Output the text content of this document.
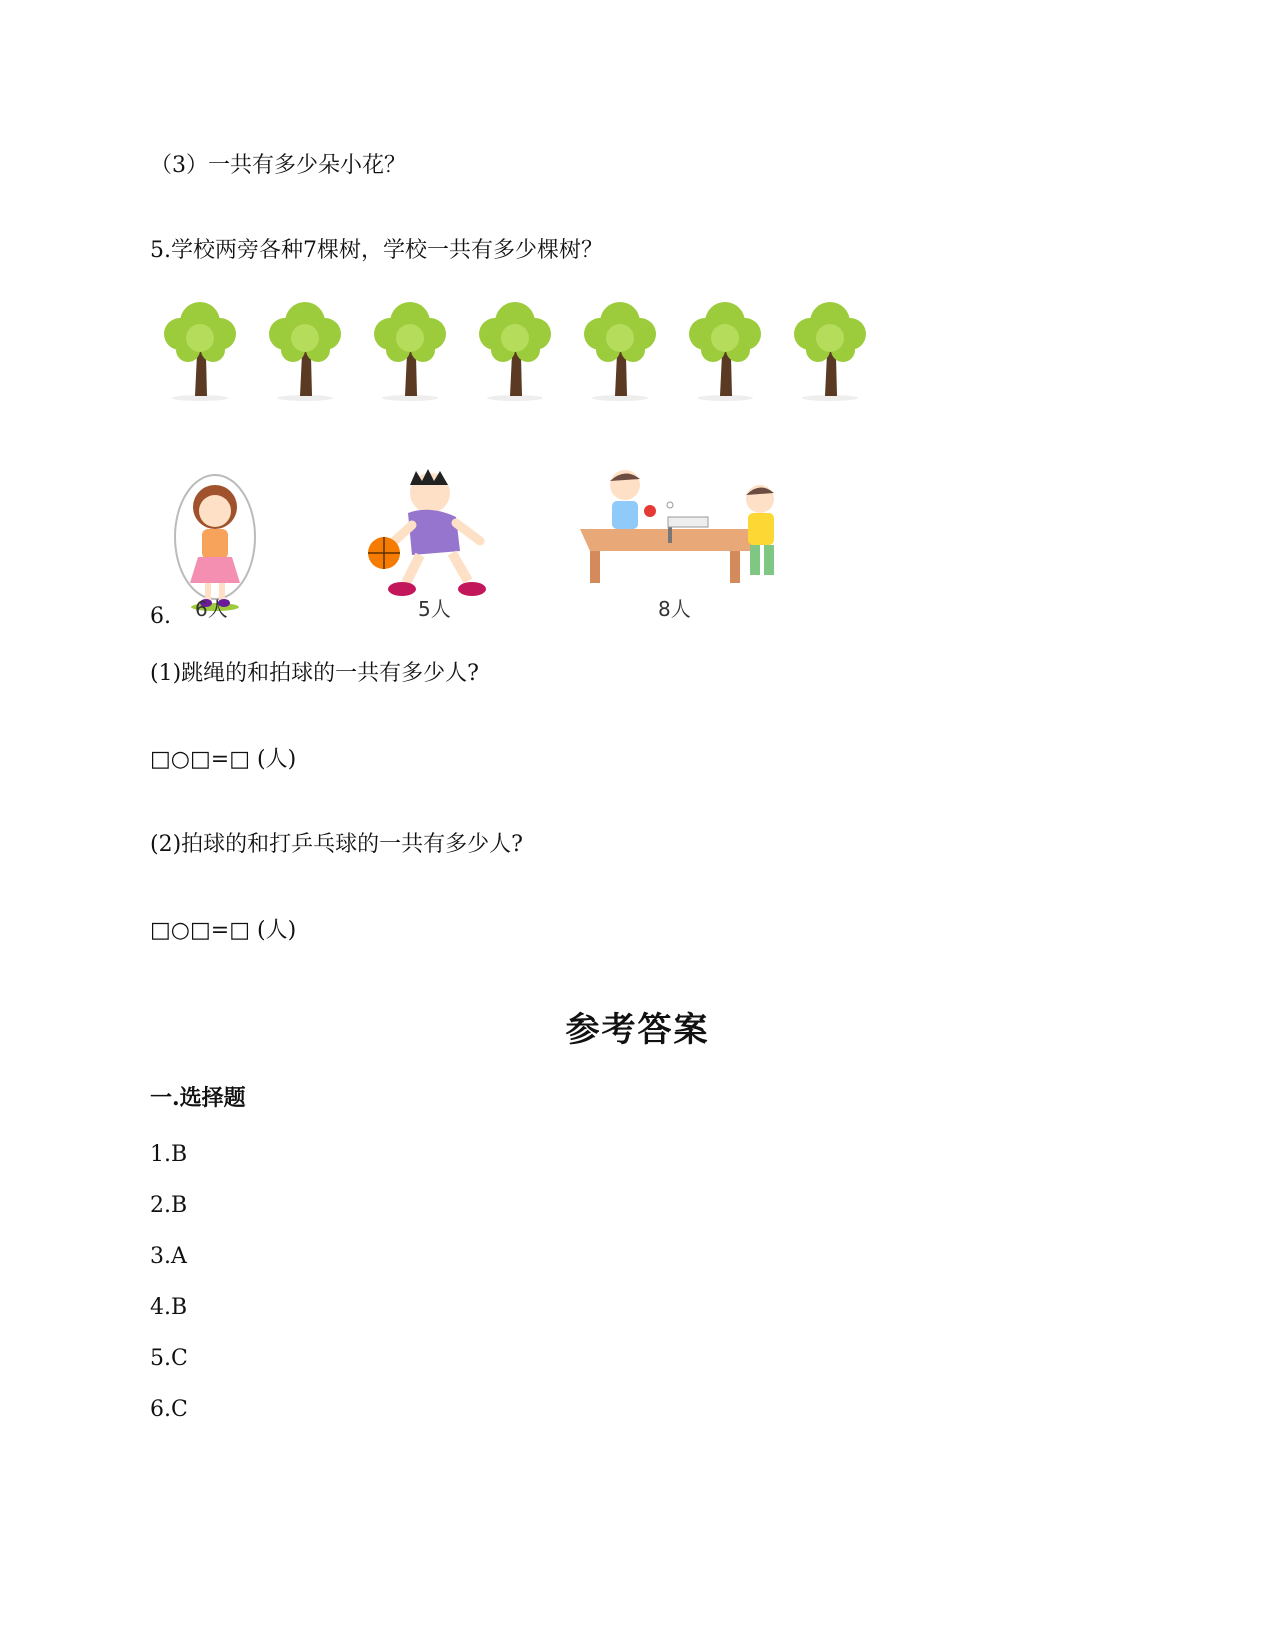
（3）一共有多少朵小花？
5.学校两旁各种7棵树，学校一共有多少棵树？
6人	5人	8人
6.
(1)跳绳的和拍球的一共有多少人?
□○□=□ (人)
(2)拍球的和打乒乓球的一共有多少人?
□○□=□ (人)
参考答案
一.选择题
1.B
2.B
3.A
4.B
5.C
6.C
